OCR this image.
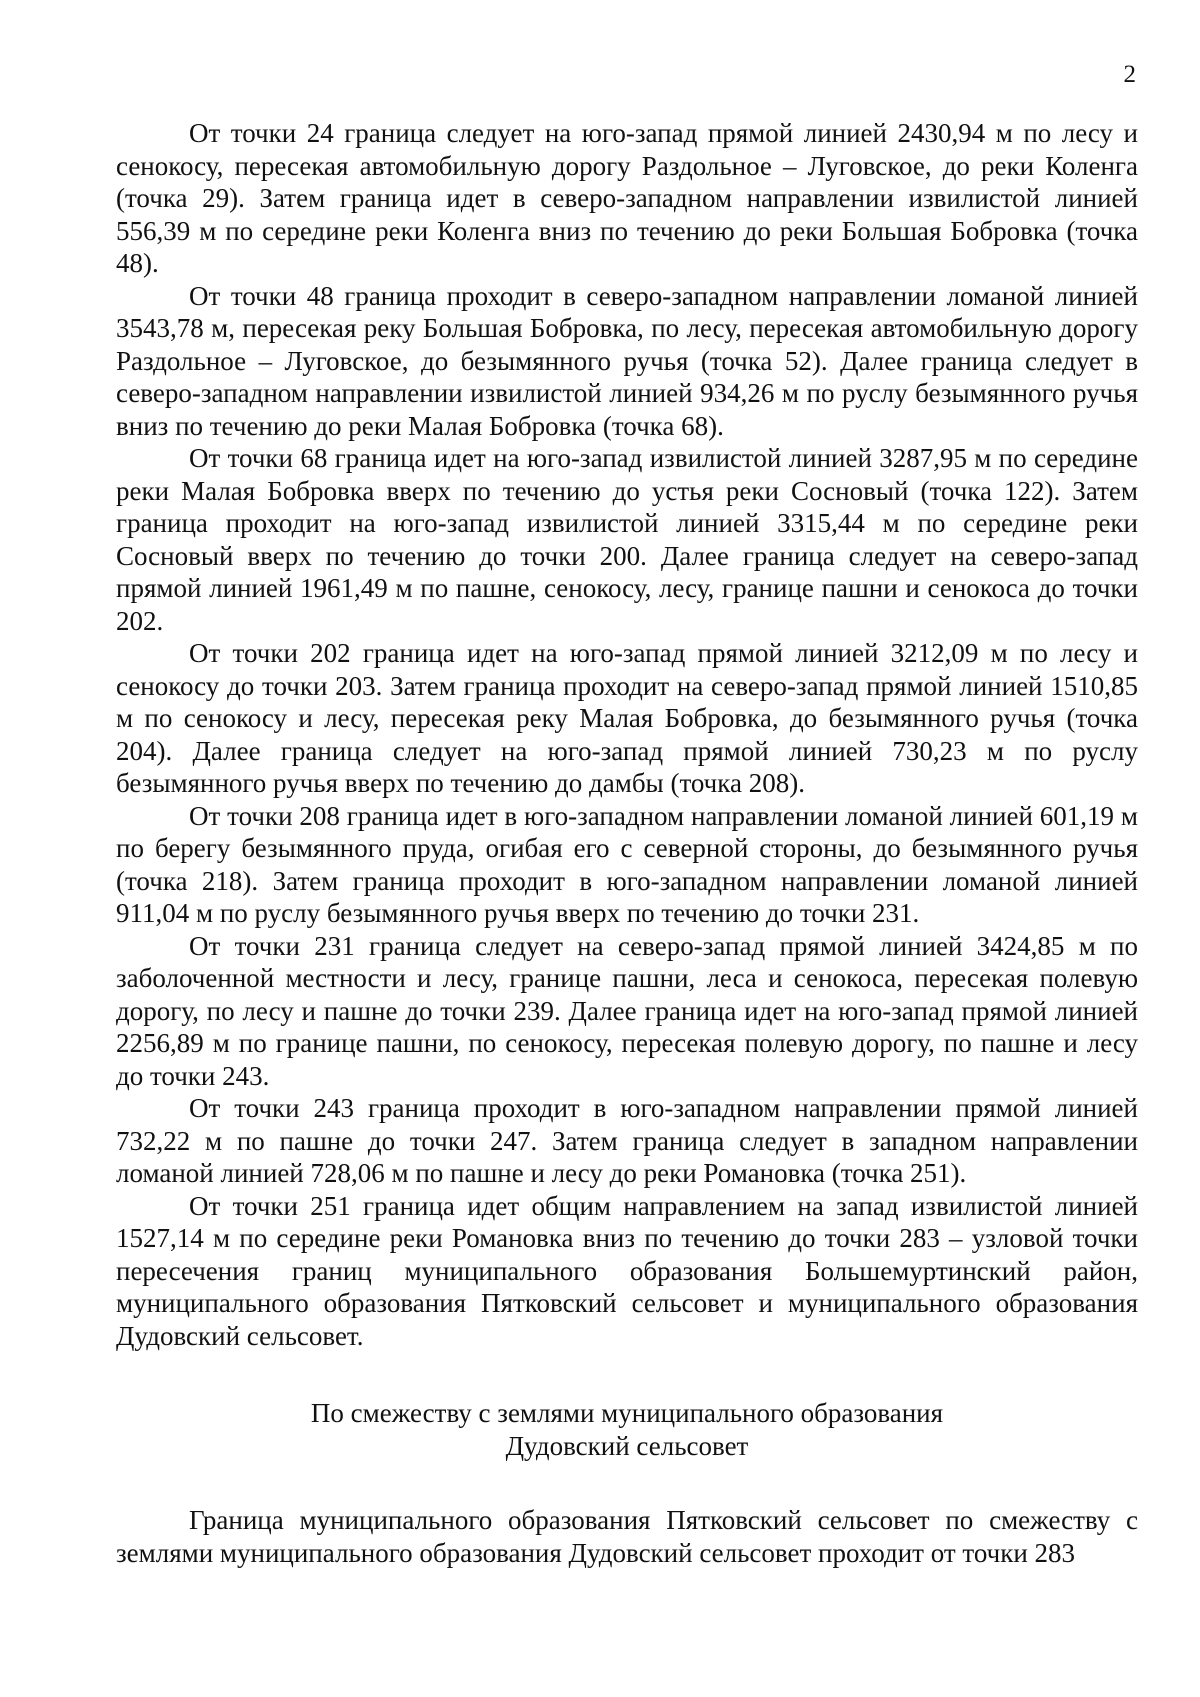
2

От точки 24 граница следует на юго-запад прямой линией 2430,94 м по лесу и сенокосу, пересекая автомобильную дорогу Раздольное – Луговское, до реки Коленга (точка 29). Затем граница идет в северо-западном направлении извилистой линией 556,39 м по середине реки Коленга вниз по течению до реки Большая Бобровка (точка 48).

От точки 48 граница проходит в северо-западном направлении ломаной линией 3543,78 м, пересекая реку Большая Бобровка, по лесу, пересекая автомобильную дорогу Раздольное – Луговское, до безымянного ручья (точка 52). Далее граница следует в северо-западном направлении извилистой линией 934,26 м по руслу безымянного ручья вниз по течению до реки Малая Бобровка (точка 68).

От точки 68 граница идет на юго-запад извилистой линией 3287,95 м по середине реки Малая Бобровка вверх по течению до устья реки Сосновый (точка 122). Затем граница проходит на юго-запад извилистой линией 3315,44 м по середине реки Сосновый вверх по течению до точки 200. Далее граница следует на северо-запад прямой линией 1961,49 м по пашне, сенокосу, лесу, границе пашни и сенокоса до точки 202.

От точки 202 граница идет на юго-запад прямой линией 3212,09 м по лесу и сенокосу до точки 203. Затем граница проходит на северо-запад прямой линией 1510,85 м по сенокосу и лесу, пересекая реку Малая Бобровка, до безымянного ручья (точка 204). Далее граница следует на юго-запад прямой линией 730,23 м по руслу безымянного ручья вверх по течению до дамбы (точка 208).

От точки 208 граница идет в юго-западном направлении ломаной линией 601,19 м по берегу безымянного пруда, огибая его с северной стороны, до безымянного ручья (точка 218). Затем граница проходит в юго-западном направлении ломаной линией 911,04 м по руслу безымянного ручья вверх по течению до точки 231.

От точки 231 граница следует на северо-запад прямой линией 3424,85 м по заболоченной местности и лесу, границе пашни, леса и сенокоса, пересекая полевую дорогу, по лесу и пашне до точки 239. Далее граница идет на юго-запад прямой линией 2256,89 м по границе пашни, по сенокосу, пересекая полевую дорогу, по пашне и лесу до точки 243.

От точки 243 граница проходит в юго-западном направлении прямой линией 732,22 м по пашне до точки 247. Затем граница следует в западном направлении ломаной линией 728,06 м по пашне и лесу до реки Романовка (точка 251).

От точки 251 граница идет общим направлением на запад извилистой линией 1527,14 м по середине реки Романовка вниз по течению до точки 283 – узловой точки пересечения границ муниципального образования Большемуртинский район, муниципального образования Пятковский сельсовет и муниципального образования Дудовский сельсовет.

По смежеству с землями муниципального образования
Дудовский сельсовет

Граница муниципального образования Пятковский сельсовет по смежеству с землями муниципального образования Дудовский сельсовет проходит от точки 283
